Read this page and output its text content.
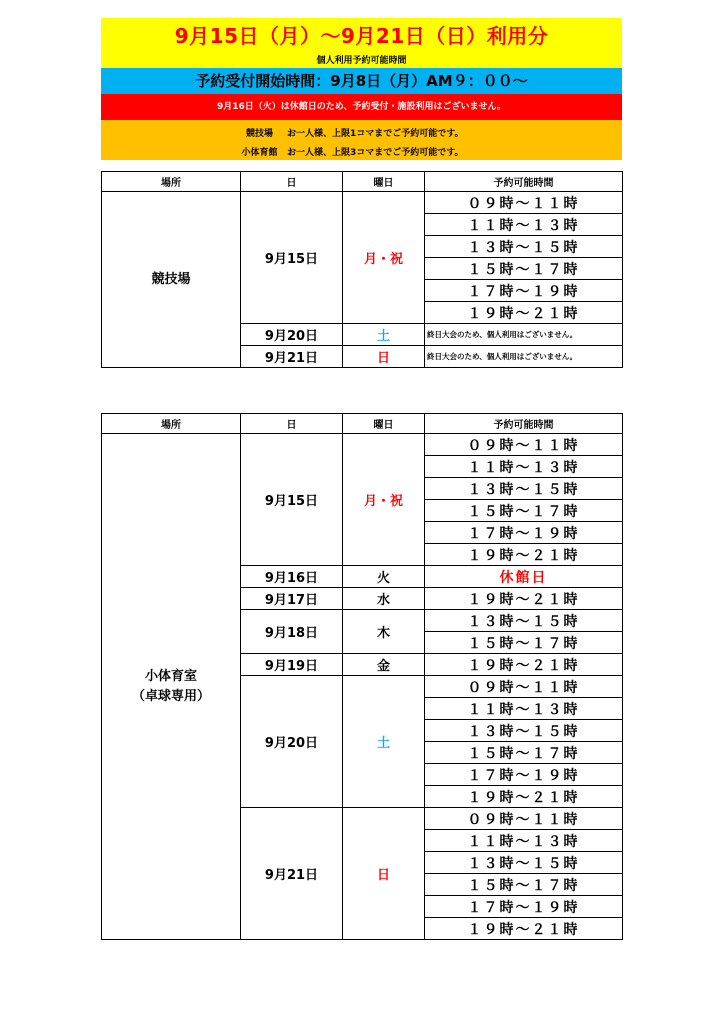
9月15日（月）～9月21日（日）利用分
個人利用予約可能時間
予約受付開始時間：9月8日（月）AM９：００～
9月16日（火）は休館日のため、予約受付・施設利用はございません。
競技場 お一人様、上限1コマまでご予約可能です。
小体育館 お一人様、上限3コマまでご予約可能です。
場所	日	曜日	予約可能時間
競技場	9月15日	月・祝	０９時～１１時
			１１時～１３時
			１３時～１５時
			１５時～１７時
			１７時～１９時
			１９時～２１時
	9月20日	土	終日大会のため、個人利用はございません。
	9月21日	日	終日大会のため、個人利用はございません。
場所	日	曜日	予約可能時間
小体育室
（卓球専用）	9月15日	月・祝	０９時～１１時
			１１時～１３時
			１３時～１５時
			１５時～１７時
			１７時～１９時
			１９時～２１時
	9月16日	火	休館日
	9月17日	水	１９時～２１時
	9月18日	木	１３時～１５時
			１５時～１７時
	9月19日	金	１９時～２１時
	9月20日	土	０９時～１１時
			１１時～１３時
			１３時～１５時
			１５時～１７時
			１７時～１９時
			１９時～２１時
	9月21日	日	０９時～１１時
			１１時～１３時
			１３時～１５時
			１５時～１７時
			１７時～１９時
			１９時～２１時
